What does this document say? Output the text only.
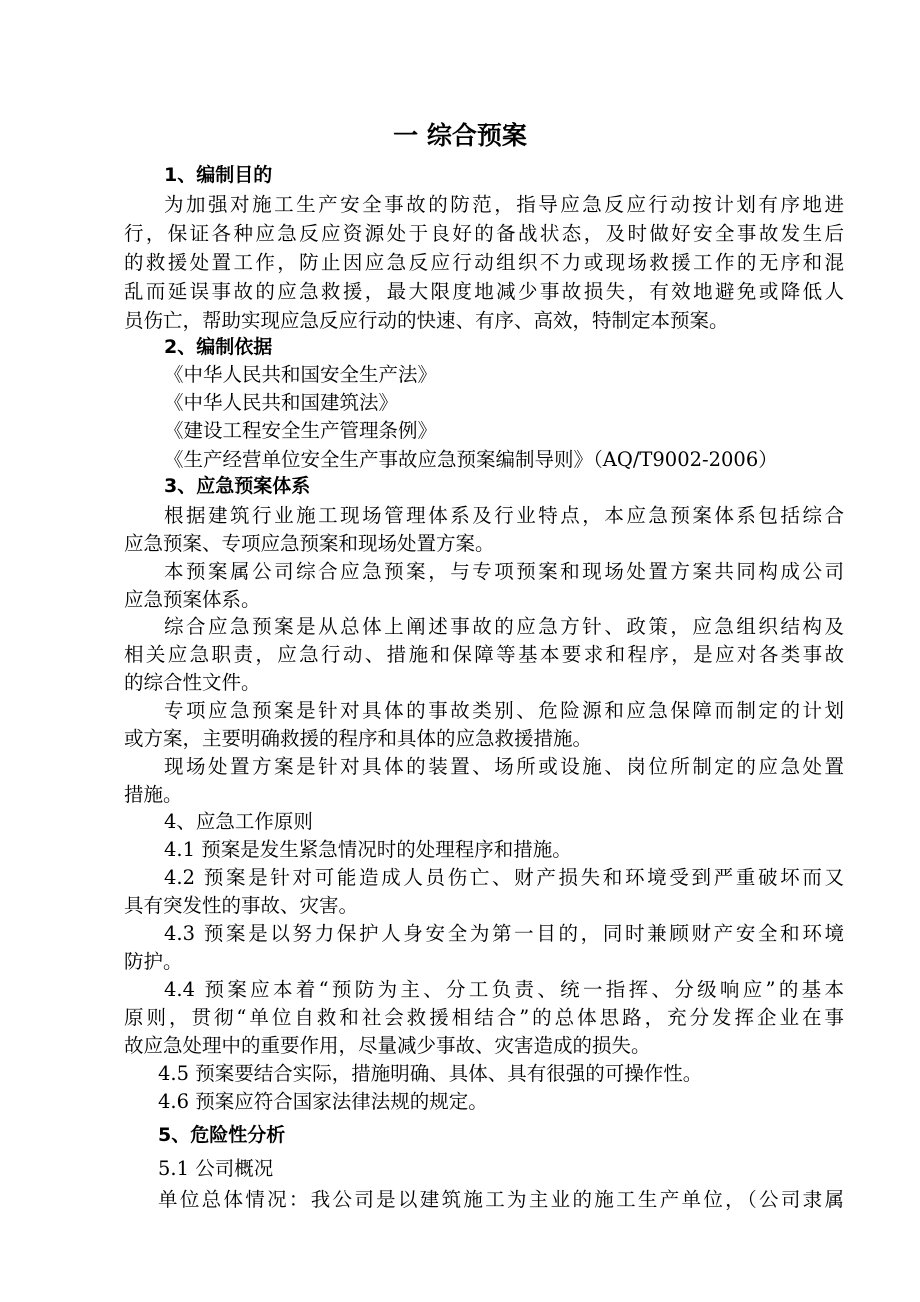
一 综合预案
1、编制目的
为加强对施工生产安全事故的防范，指导应急反应行动按计划有序地进
行，保证各种应急反应资源处于良好的备战状态，及时做好安全事故发生后
的救援处置工作，防止因应急反应行动组织不力或现场救援工作的无序和混
乱而延误事故的应急救援，最大限度地减少事故损失，有效地避免或降低人
员伤亡，帮助实现应急反应行动的快速、有序、高效，特制定本预案。
2、编制依据
《中华人民共和国安全生产法》
《中华人民共和国建筑法》
《建设工程安全生产管理条例》
《生产经营单位安全生产事故应急预案编制导则》（AQ/T9002-2006）
3、应急预案体系
根据建筑行业施工现场管理体系及行业特点，本应急预案体系包括综合
应急预案、专项应急预案和现场处置方案。
本预案属公司综合应急预案，与专项预案和现场处置方案共同构成公司
应急预案体系。
综合应急预案是从总体上阐述事故的应急方针、政策，应急组织结构及
相关应急职责，应急行动、措施和保障等基本要求和程序，是应对各类事故
的综合性文件。
专项应急预案是针对具体的事故类别、危险源和应急保障而制定的计划
或方案，主要明确救援的程序和具体的应急救援措施。
现场处置方案是针对具体的装置、场所或设施、岗位所制定的应急处置
措施。
4、应急工作原则
4.1 预案是发生紧急情况时的处理程序和措施。
4.2 预案是针对可能造成人员伤亡、财产损失和环境受到严重破坏而又
具有突发性的事故、灾害。
4.3 预案是以努力保护人身安全为第一目的，同时兼顾财产安全和环境
防护。
4.4 预案应本着“预防为主、分工负责、统一指挥、分级响应”的基本
原则，贯彻“单位自救和社会救援相结合”的总体思路，充分发挥企业在事
故应急处理中的重要作用，尽量减少事故、灾害造成的损失。
4.5 预案要结合实际，措施明确、具体、具有很强的可操作性。
4.6 预案应符合国家法律法规的规定。
5、危险性分析
5.1 公司概况
单位总体情况：我公司是以建筑施工为主业的施工生产单位，（公司隶属
